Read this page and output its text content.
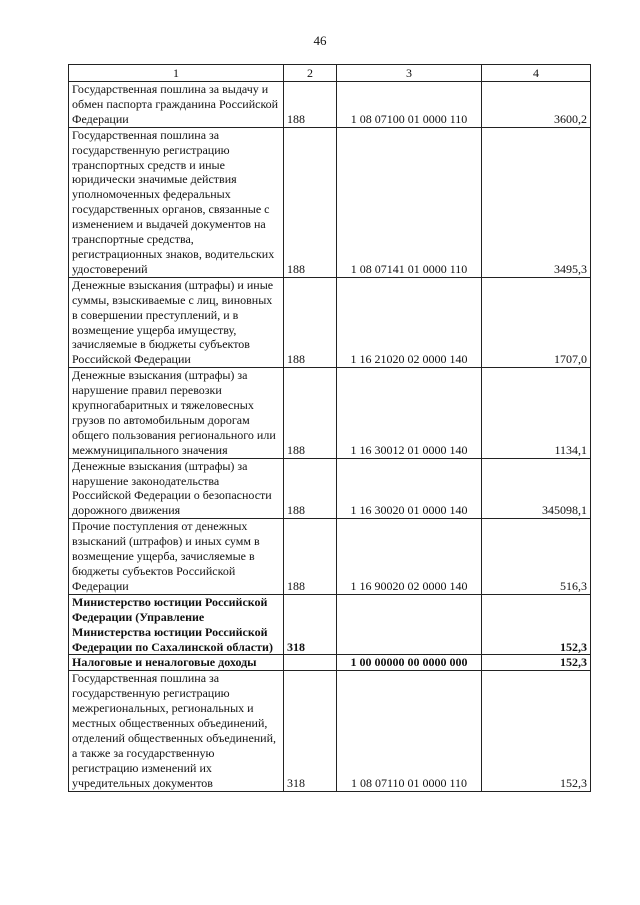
46
1	2	3	4
Государственная пошлина за выдачу и обмен паспорта гражданина Российской Федерации	188	1 08 07100 01 0000 110	3600,2
Государственная пошлина за государственную регистрацию транспортных средств и иные юридически значимые действия уполномоченных федеральных государственных органов, связанные с изменением и выдачей документов на транспортные средства, регистрационных знаков, водительских удостоверений	188	1 08 07141 01 0000 110	3495,3
Денежные взыскания (штрафы) и иные суммы, взыскиваемые с лиц, виновных в совершении преступлений, и в возмещение ущерба имуществу, зачисляемые в бюджеты субъектов Российской Федерации	188	1 16 21020 02 0000 140	1707,0
Денежные взыскания (штрафы) за нарушение правил перевозки крупногабаритных и тяжеловесных грузов по автомобильным дорогам общего пользования регионального или межмуниципального значения	188	1 16 30012 01 0000 140	1134,1
Денежные взыскания (штрафы) за нарушение законодательства Российской Федерации о безопасности дорожного движения	188	1 16 30020 01 0000 140	345098,1
Прочие поступления от денежных взысканий (штрафов) и иных сумм в возмещение ущерба, зачисляемые в бюджеты субъектов Российской Федерации	188	1 16 90020 02 0000 140	516,3
Министерство юстиции Российской Федерации (Управление Министерства юстиции Российской Федерации по Сахалинской области)	318		152,3
Налоговые и неналоговые доходы		1 00 00000 00 0000 000	152,3
Государственная пошлина за государственную регистрацию межрегиональных, региональных и местных общественных объединений, отделений общественных объединений, а также за государственную регистрацию изменений их учредительных документов	318	1 08 07110 01 0000 110	152,3
